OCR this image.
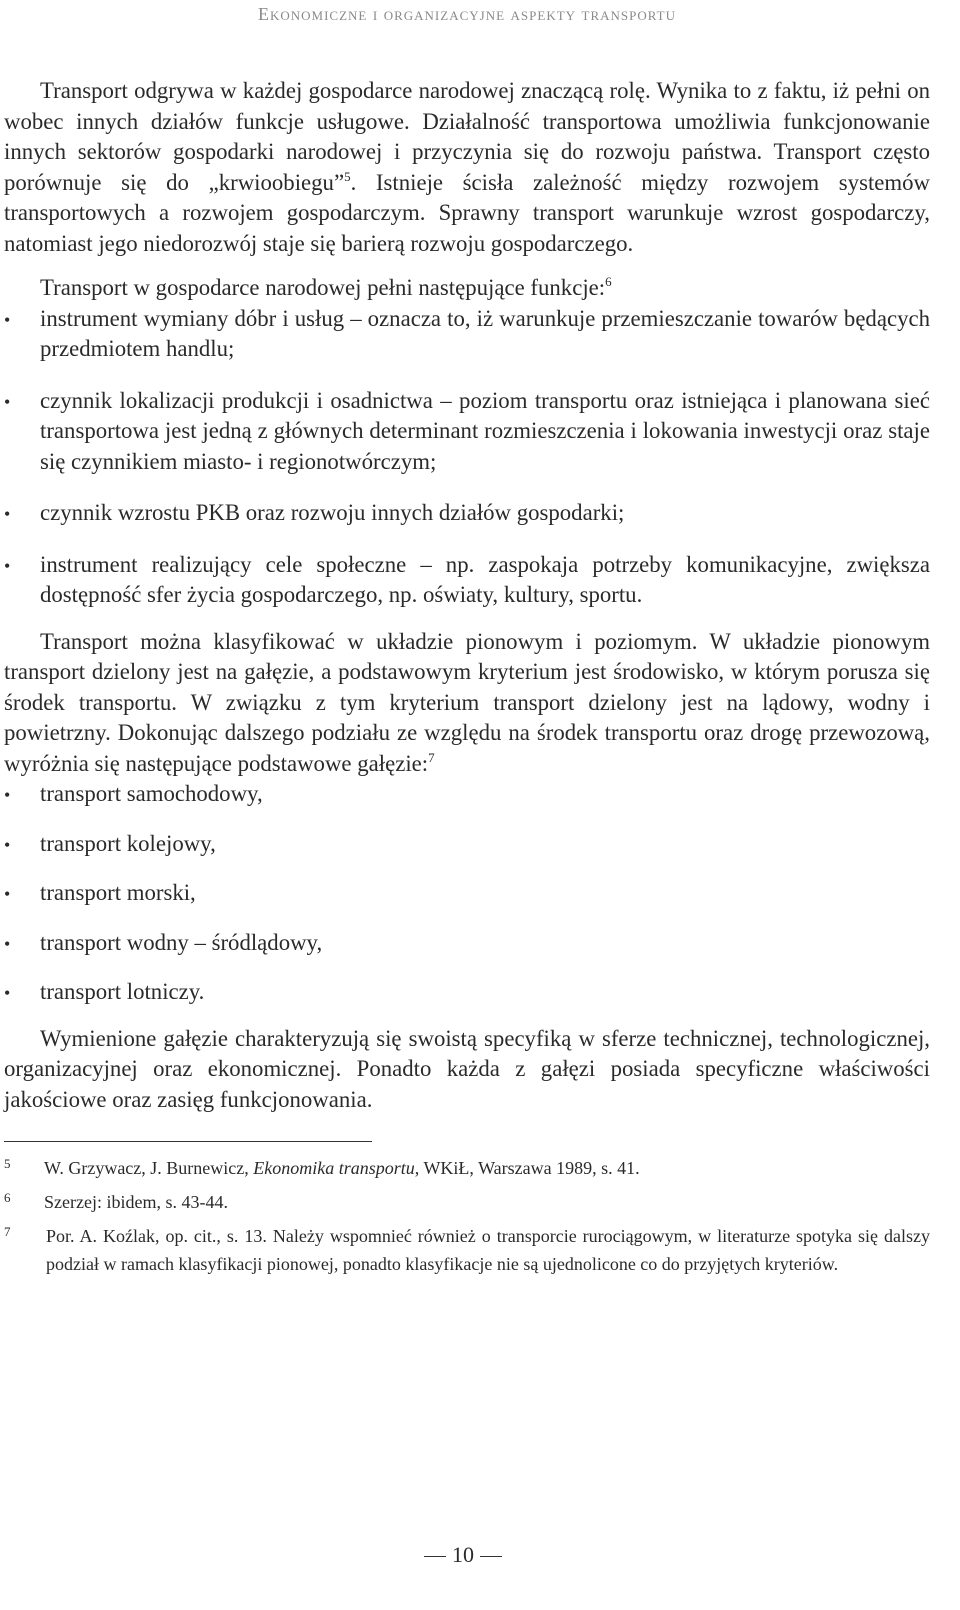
Ekonomiczne i organizacyjne aspekty transportu

Transport odgrywa w każdej gospodarce narodowej znaczącą rolę. Wynika to z faktu, iż pełni on wobec innych działów funkcje usługowe. Działalność transportowa umożliwia funkcjonowanie innych sektorów gospodarki narodowej i przyczynia się do rozwoju państwa. Transport często porównuje się do „krwioobiegu”$^5$. Istnieje ścisła zależność między rozwojem systemów transportowych a rozwojem gospodarczym. Sprawny transport warunkuje wzrost gospodarczy, natomiast jego niedorozwój staje się barierą rozwoju gospodarczego.

Transport w gospodarce narodowej pełni następujące funkcje:$^6$

•
instrument wymiany dóbr i usług – oznacza to, iż warunkuje przemieszczanie towarów będących przedmiotem handlu;
•
czynnik lokalizacji produkcji i osadnictwa – poziom transportu oraz istniejąca i planowana sieć transportowa jest jedną z głównych determinant rozmieszczenia i lokowania inwestycji oraz staje się czynnikiem miasto- i regionotwórczym;
•
czynnik wzrostu PKB oraz rozwoju innych działów gospodarki;
•
instrument realizujący cele społeczne – np. zaspokaja potrzeby komunikacyjne, zwiększa dostępność sfer życia gospodarczego, np. oświaty, kultury, sportu.

Transport można klasyfikować w układzie pionowym i poziomym. W układzie pionowym transport dzielony jest na gałęzie, a podstawowym kryterium jest środowisko, w którym porusza się środek transportu. W związku z tym kryterium transport dzielony jest na lądowy, wodny i powietrzny. Dokonując dalszego podziału ze względu na środek transportu oraz drogę przewozową, wyróżnia się następujące podstawowe gałęzie:$^7$

•
transport samochodowy,
•
transport kolejowy,
•
transport morski,
•
transport wodny – śródlądowy,
•
transport lotniczy.

Wymienione gałęzie charakteryzują się swoistą specyfiką w sferze technicznej, technologicznej, organizacyjnej oraz ekonomicznej. Ponadto każda z gałęzi posiada specyficzne właściwości jakościowe oraz zasięg funkcjonowania.

5 W. Grzywacz, J. Burnewicz, Ekonomika transportu, WKiŁ, Warszawa 1989, s. 41.
6 Szerzej: ibidem, s. 43-44.
7 Por. A. Koźlak, op. cit., s. 13. Należy wspomnieć również o transporcie rurociągowym, w literaturze spotyka się dalszy podział w ramach klasyfikacji pionowej, ponadto klasyfikacje nie są ujednolicone co do przyjętych kryteriów.
10
